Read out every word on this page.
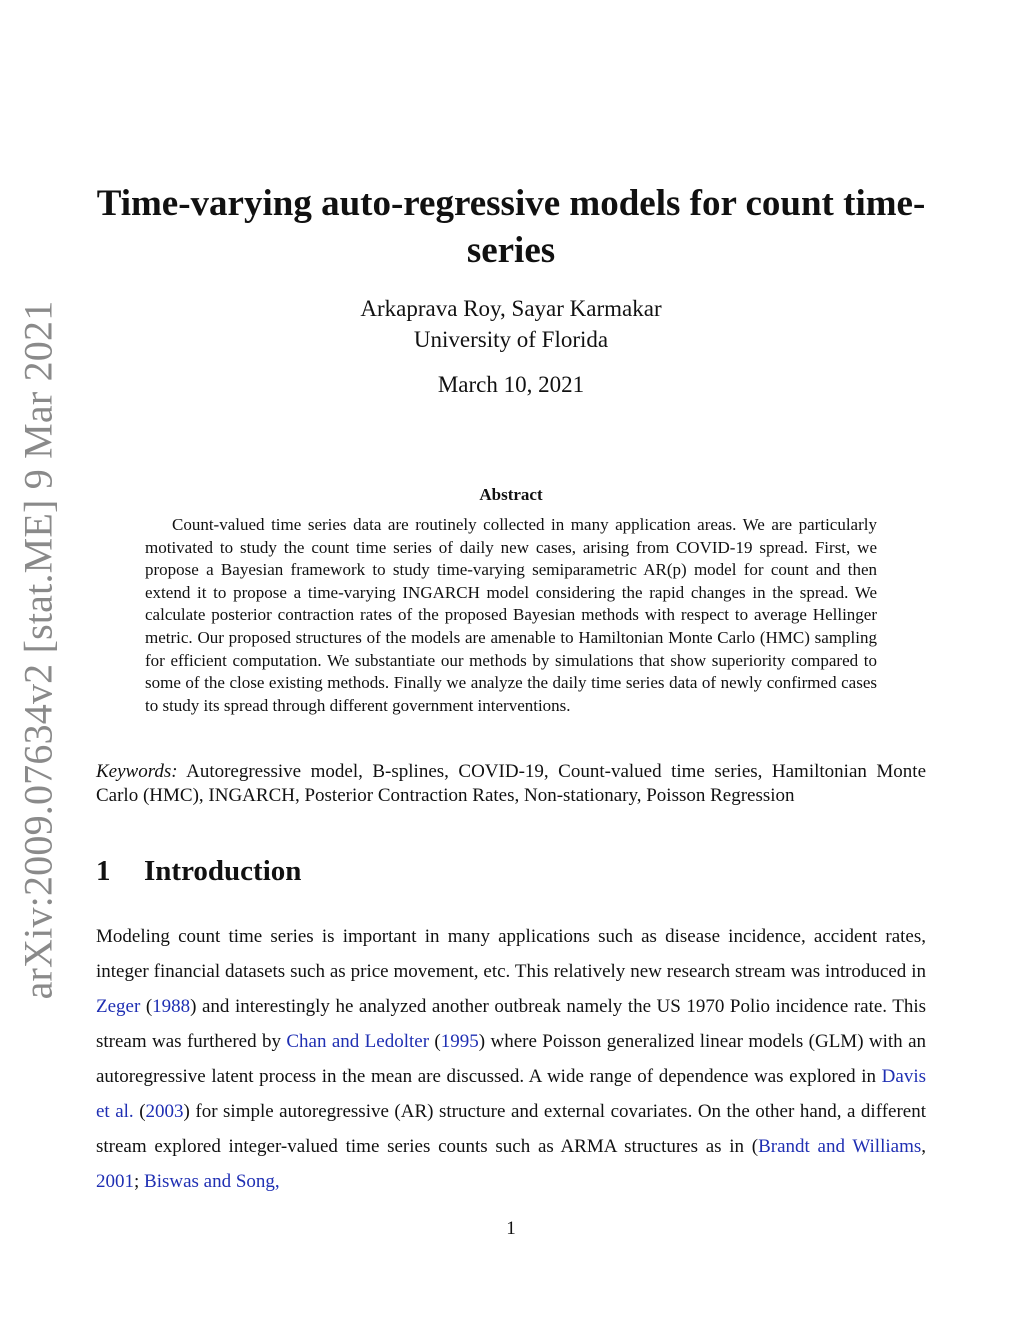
arXiv:2009.07634v2 [stat.ME] 9 Mar 2021
Time-varying auto-regressive models for count time-series
Arkaprava Roy, Sayar Karmakar
University of Florida
March 10, 2021
Abstract
Count-valued time series data are routinely collected in many application areas. We are particularly motivated to study the count time series of daily new cases, arising from COVID-19 spread. First, we propose a Bayesian framework to study time-varying semiparametric AR(p) model for count and then extend it to propose a time-varying INGARCH model considering the rapid changes in the spread. We calculate posterior contraction rates of the proposed Bayesian methods with respect to average Hellinger metric. Our proposed structures of the models are amenable to Hamiltonian Monte Carlo (HMC) sampling for efficient computation. We substantiate our methods by simulations that show superiority compared to some of the close existing methods. Finally we analyze the daily time series data of newly confirmed cases to study its spread through different government interventions.
Keywords: Autoregressive model, B-splines, COVID-19, Count-valued time series, Hamiltonian Monte Carlo (HMC), INGARCH, Posterior Contraction Rates, Non-stationary, Poisson Regression
1 Introduction
Modeling count time series is important in many applications such as disease incidence, accident rates, integer financial datasets such as price movement, etc. This relatively new research stream was introduced in Zeger (1988) and interestingly he analyzed another outbreak namely the US 1970 Polio incidence rate. This stream was furthered by Chan and Ledolter (1995) where Poisson generalized linear models (GLM) with an autoregressive latent process in the mean are discussed. A wide range of dependence was explored in Davis et al. (2003) for simple autoregressive (AR) structure and external covariates. On the other hand, a different stream explored integer-valued time series counts such as ARMA structures as in (Brandt and Williams, 2001; Biswas and Song,
1
